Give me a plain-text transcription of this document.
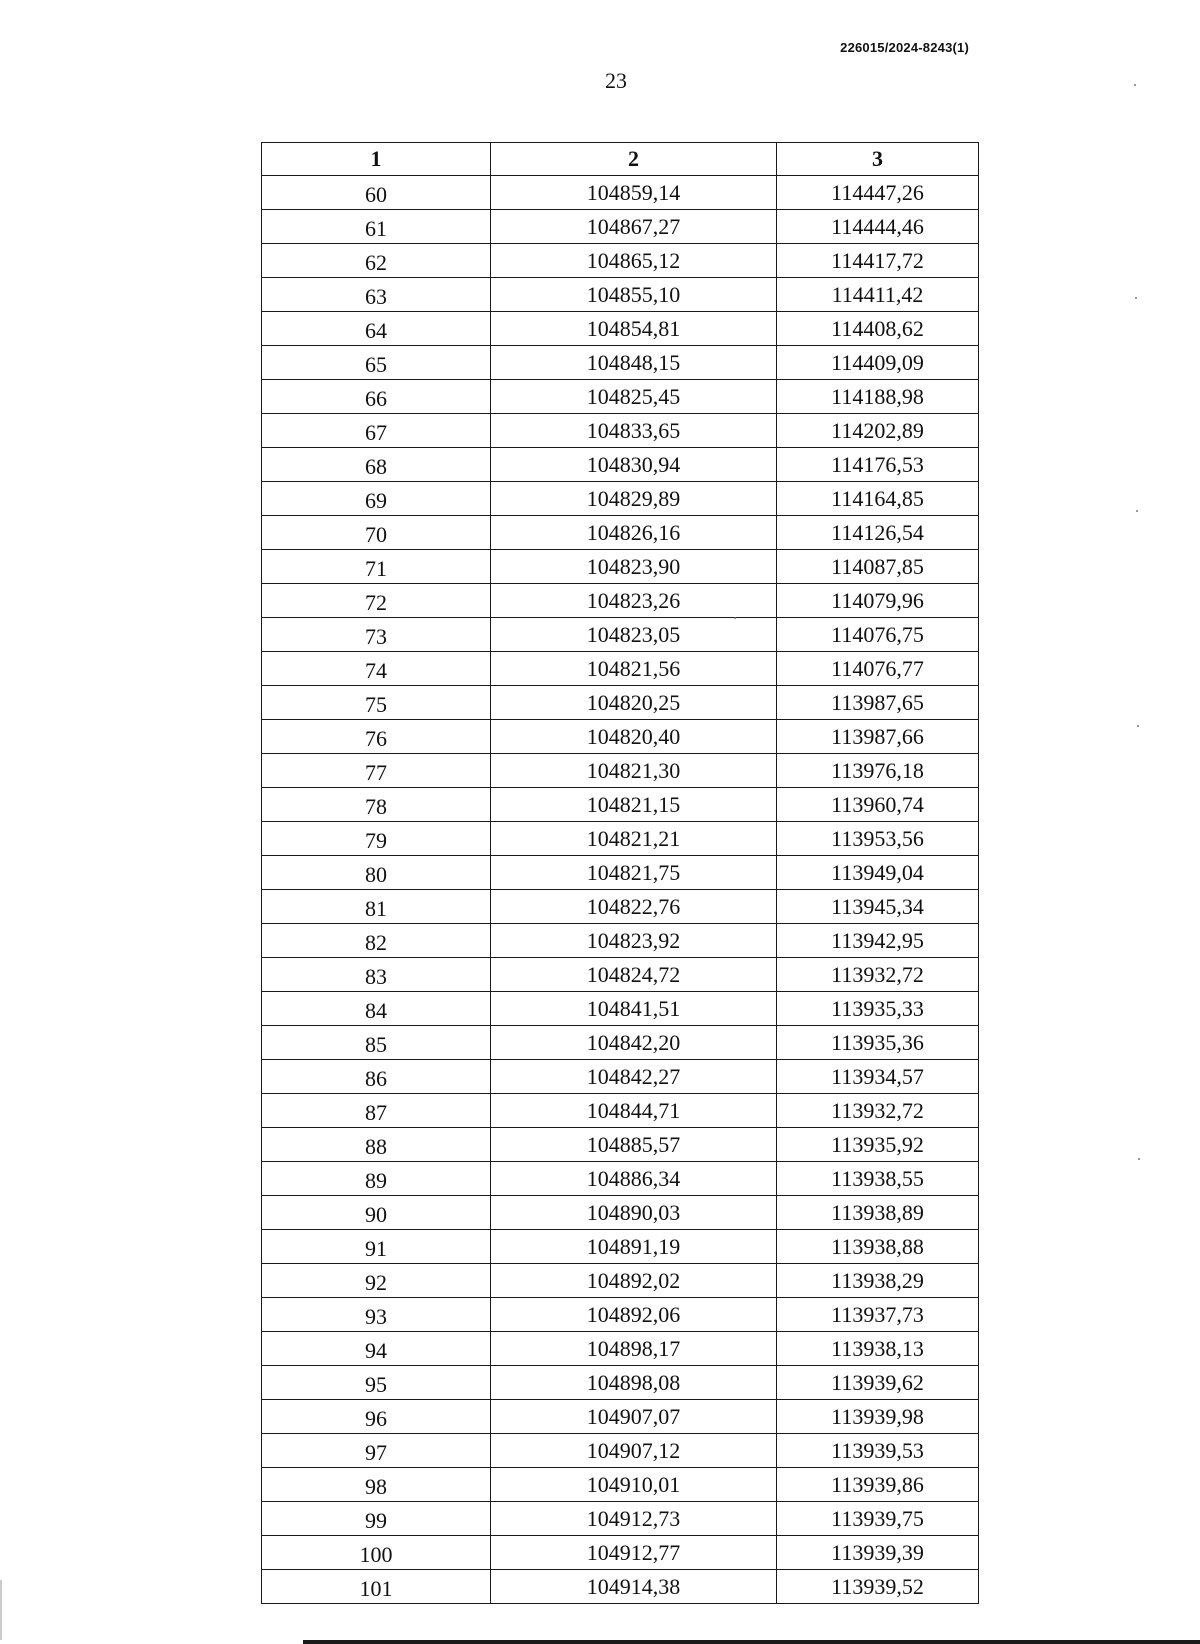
226015/2024-8243(1)
23
1	2	3
60	104859,14	114447,26
61	104867,27	114444,46
62	104865,12	114417,72
63	104855,10	114411,42
64	104854,81	114408,62
65	104848,15	114409,09
66	104825,45	114188,98
67	104833,65	114202,89
68	104830,94	114176,53
69	104829,89	114164,85
70	104826,16	114126,54
71	104823,90	114087,85
72	104823,26	114079,96
73	104823,05	114076,75
74	104821,56	114076,77
75	104820,25	113987,65
76	104820,40	113987,66
77	104821,30	113976,18
78	104821,15	113960,74
79	104821,21	113953,56
80	104821,75	113949,04
81	104822,76	113945,34
82	104823,92	113942,95
83	104824,72	113932,72
84	104841,51	113935,33
85	104842,20	113935,36
86	104842,27	113934,57
87	104844,71	113932,72
88	104885,57	113935,92
89	104886,34	113938,55
90	104890,03	113938,89
91	104891,19	113938,88
92	104892,02	113938,29
93	104892,06	113937,73
94	104898,17	113938,13
95	104898,08	113939,62
96	104907,07	113939,98
97	104907,12	113939,53
98	104910,01	113939,86
99	104912,73	113939,75
100	104912,77	113939,39
101	104914,38	113939,52
